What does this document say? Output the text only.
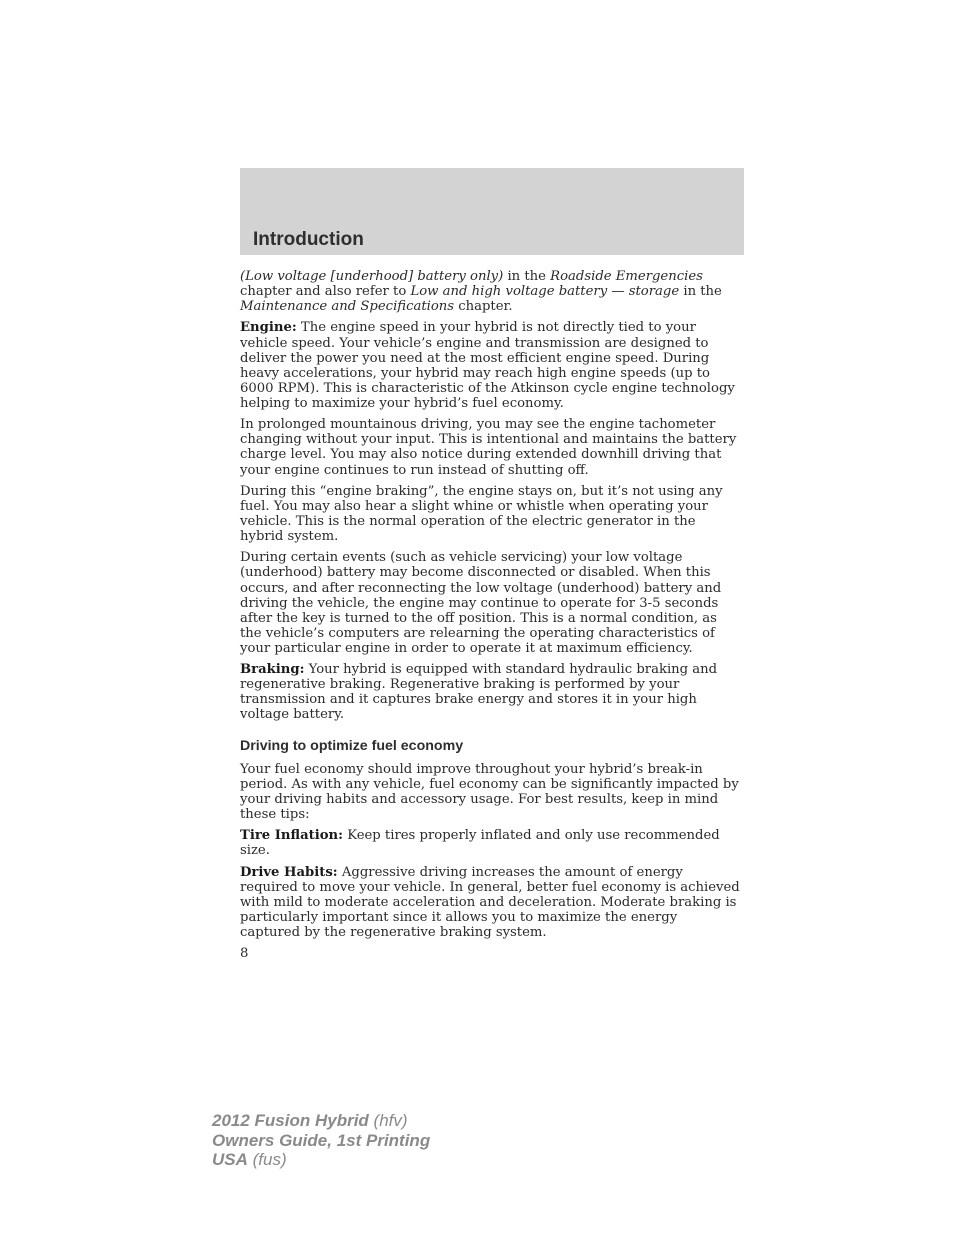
Introduction

(Low voltage [underhood] battery only) in the Roadside Emergencies chapter and also refer to Low and high voltage battery — storage in the Maintenance and Specifications chapter.

Engine: The engine speed in your hybrid is not directly tied to your vehicle speed. Your vehicle’s engine and transmission are designed to deliver the power you need at the most efficient engine speed. During heavy accelerations, your hybrid may reach high engine speeds (up to 6000 RPM). This is characteristic of the Atkinson cycle engine technology helping to maximize your hybrid’s fuel economy.

In prolonged mountainous driving, you may see the engine tachometer changing without your input. This is intentional and maintains the battery charge level. You may also notice during extended downhill driving that your engine continues to run instead of shutting off.

During this “engine braking”, the engine stays on, but it’s not using any fuel. You may also hear a slight whine or whistle when operating your vehicle. This is the normal operation of the electric generator in the hybrid system.

During certain events (such as vehicle servicing) your low voltage (underhood) battery may become disconnected or disabled. When this occurs, and after reconnecting the low voltage (underhood) battery and driving the vehicle, the engine may continue to operate for 3-5 seconds after the key is turned to the off position. This is a normal condition, as the vehicle’s computers are relearning the operating characteristics of your particular engine in order to operate it at maximum efficiency.

Braking: Your hybrid is equipped with standard hydraulic braking and regenerative braking. Regenerative braking is performed by your transmission and it captures brake energy and stores it in your high voltage battery.

Driving to optimize fuel economy

Your fuel economy should improve throughout your hybrid’s break-in period. As with any vehicle, fuel economy can be significantly impacted by your driving habits and accessory usage. For best results, keep in mind these tips:

Tire Inflation: Keep tires properly inflated and only use recommended size.

Drive Habits: Aggressive driving increases the amount of energy required to move your vehicle. In general, better fuel economy is achieved with mild to moderate acceleration and deceleration. Moderate braking is particularly important since it allows you to maximize the energy captured by the regenerative braking system.

8
2012 Fusion Hybrid (hfv)
Owners Guide, 1st Printing
USA (fus)
